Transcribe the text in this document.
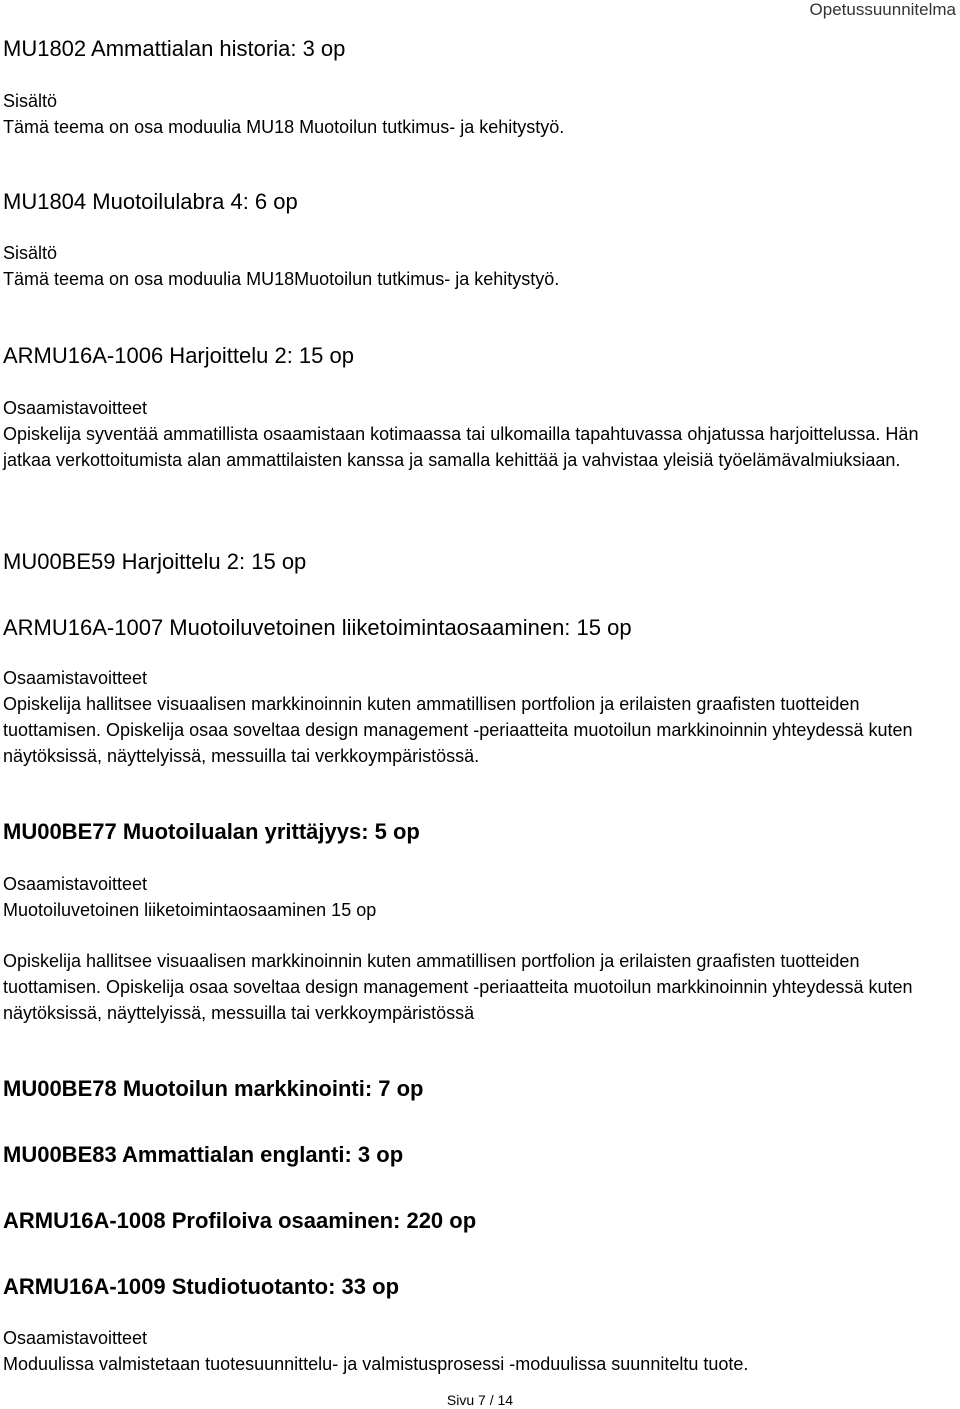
Opetussuunnitelma
MU1802 Ammattialan historia: 3 op
Sisältö

Tämä teema on osa moduulia MU18 Muotoilun tutkimus- ja kehitystyö.

MU1804 Muotoilulabra 4: 6 op
Sisältö

Tämä teema on osa moduulia MU18Muotoilun tutkimus- ja kehitystyö.

ARMU16A-1006 Harjoittelu 2: 15 op
Osaamistavoitteet

Opiskelija syventää ammatillista osaamistaan kotimaassa tai ulkomailla tapahtuvassa ohjatussa harjoittelussa. Hän jatkaa verkottoitumista alan ammattilaisten kanssa ja samalla kehittää ja vahvistaa yleisiä työelämävalmiuksiaan.

MU00BE59 Harjoittelu 2: 15 op
ARMU16A-1007 Muotoiluvetoinen liiketoimintaosaaminen: 15 op
Osaamistavoitteet

Opiskelija hallitsee visuaalisen markkinoinnin kuten ammatillisen portfolion ja erilaisten graafisten tuotteiden tuottamisen. Opiskelija osaa soveltaa design management -periaatteita muotoilun markkinoinnin yhteydessä kuten näytöksissä, näyttelyissä, messuilla tai verkkoympäristössä.

MU00BE77 Muotoilualan yrittäjyys: 5 op
Osaamistavoitteet

Muotoiluvetoinen liiketoimintaosaaminen 15 op

Opiskelija hallitsee visuaalisen markkinoinnin kuten ammatillisen portfolion ja erilaisten graafisten tuotteiden tuottamisen. Opiskelija osaa soveltaa design management -periaatteita muotoilun markkinoinnin yhteydessä kuten näytöksissä, näyttelyissä, messuilla tai verkkoympäristössä

MU00BE78 Muotoilun markkinointi: 7 op
MU00BE83 Ammattialan englanti: 3 op
ARMU16A-1008 Profiloiva osaaminen: 220 op
ARMU16A-1009 Studiotuotanto: 33 op
Osaamistavoitteet

Moduulissa valmistetaan tuotesuunnittelu- ja valmistusprosessi -moduulissa suunniteltu tuote.

Sivu 7 / 14
